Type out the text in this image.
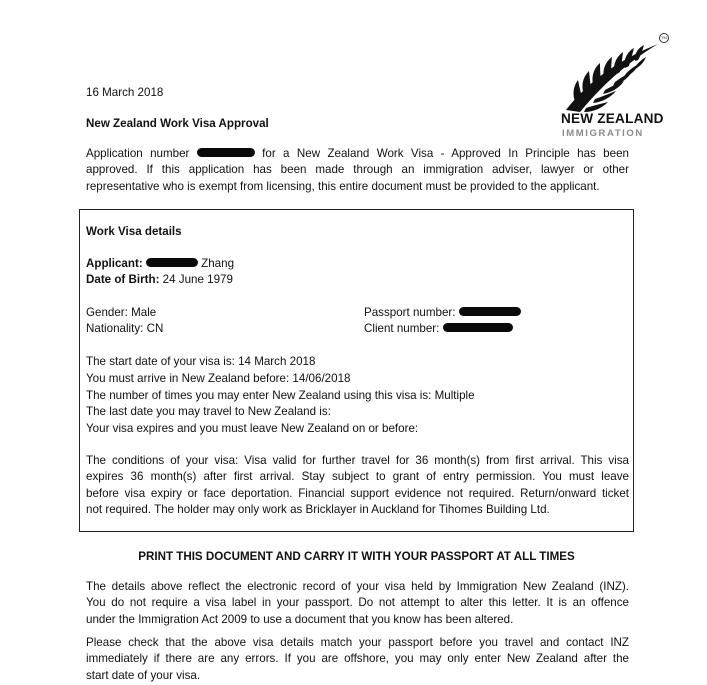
TM
NEW ZEALAND
IMMIGRATION
16 March 2018
New Zealand Work Visa Approval
Application number	for a New Zealand Work Visa - Approved In Principle has been
approved. If this application has been made through an immigration adviser, lawyer or other
representative who is exempt from licensing, this entire document must be provided to the applicant.
Work Visa details
Applicant:	Zhang
Date of Birth: 24 June 1979
Gender: Male
Nationality: CN
Passport number:
Client number:
The start date of your visa is: 14 March 2018
You must arrive in New Zealand before: 14/06/2018
The number of times you may enter New Zealand using this visa is: Multiple
The last date you may travel to New Zealand is:
Your visa expires and you must leave New Zealand on or before:
The conditions of your visa: Visa valid for further travel for 36 month(s) from first arrival. This visa
expires 36 month(s) after first arrival. Stay subject to grant of entry permission. You must leave
before visa expiry or face deportation. Financial support evidence not required. Return/onward ticket
not required. The holder may only work as Bricklayer in Auckland for Tihomes Building Ltd.
PRINT THIS DOCUMENT AND CARRY IT WITH YOUR PASSPORT AT ALL TIMES
The details above reflect the electronic record of your visa held by Immigration New Zealand (INZ).
You do not require a visa label in your passport. Do not attempt to alter this letter. It is an offence
under the Immigration Act 2009 to use a document that you know has been altered.
Please check that the above visa details match your passport before you travel and contact INZ
immediately if there are any errors. If you are offshore, you may only enter New Zealand after the
start date of your visa.
